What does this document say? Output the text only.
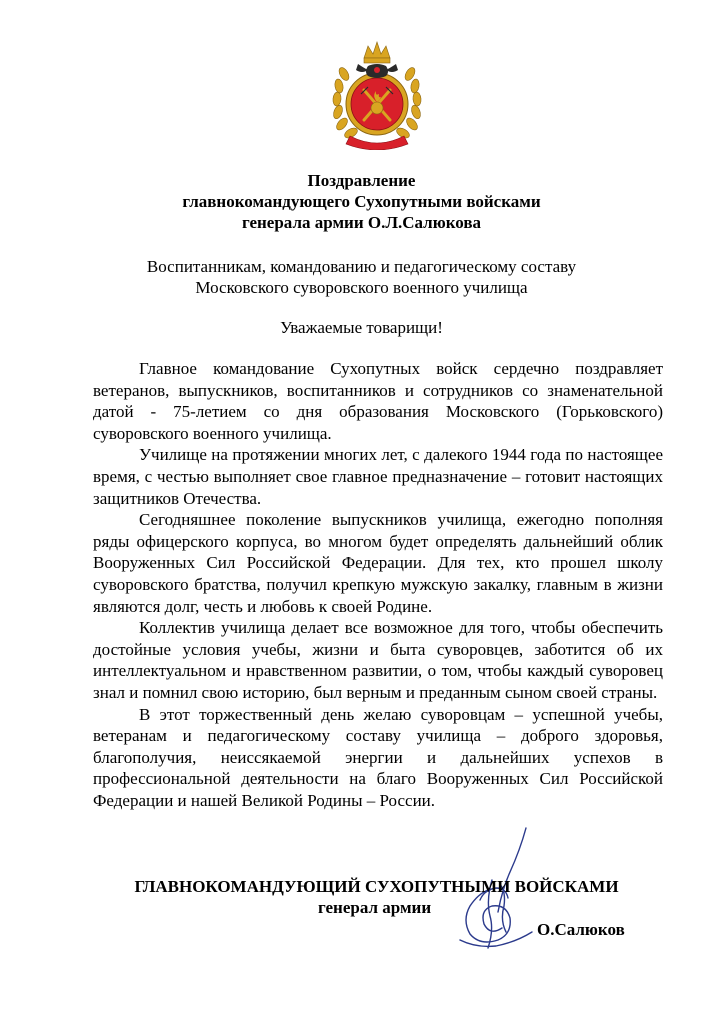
Поздравление
главнокомандующего Сухопутными войсками
генерала армии О.Л.Салюкова
Воспитанникам, командованию и педагогическому составу
Московского суворовского военного училища
Уважаемые товарищи!

Главное командование Сухопутных войск сердечно поздравляет ветеранов, выпускников, воспитанников и сотрудников со знаменательной датой - 75-летием со дня образования Московского (Горьковского) суворовского военного училища.

Училище на протяжении многих лет, с далекого 1944 года по настоящее время, с честью выполняет свое главное предназначение – готовит настоящих защитников Отечества.

Сегодняшнее поколение выпускников училища, ежегодно пополняя ряды офицерского корпуса, во многом будет определять дальнейший облик Вооруженных Сил Российской Федерации. Для тех, кто прошел школу суворовского братства, получил крепкую мужскую закалку, главным в жизни являются долг, честь и любовь к своей Родине.

Коллектив училища делает все возможное для того, чтобы обеспечить достойные условия учебы, жизни и быта суворовцев, заботится об их интеллектуальном и нравственном развитии, о том, чтобы каждый суворовец знал и помнил свою историю, был верным и преданным сыном своей страны.

В этот торжественный день желаю суворовцам – успешной учебы, ветеранам и педагогическому составу училища – доброго здоровья, благополучия, неиссякаемой энергии и дальнейших успехов в профессиональной деятельности на благо Вооруженных Сил Российской Федерации и нашей Великой Родины – России.

ГЛАВНОКОМАНДУЮЩИЙ СУХОПУТНЫМИ ВОЙСКАМИ
генерал армии
О.Салюков
